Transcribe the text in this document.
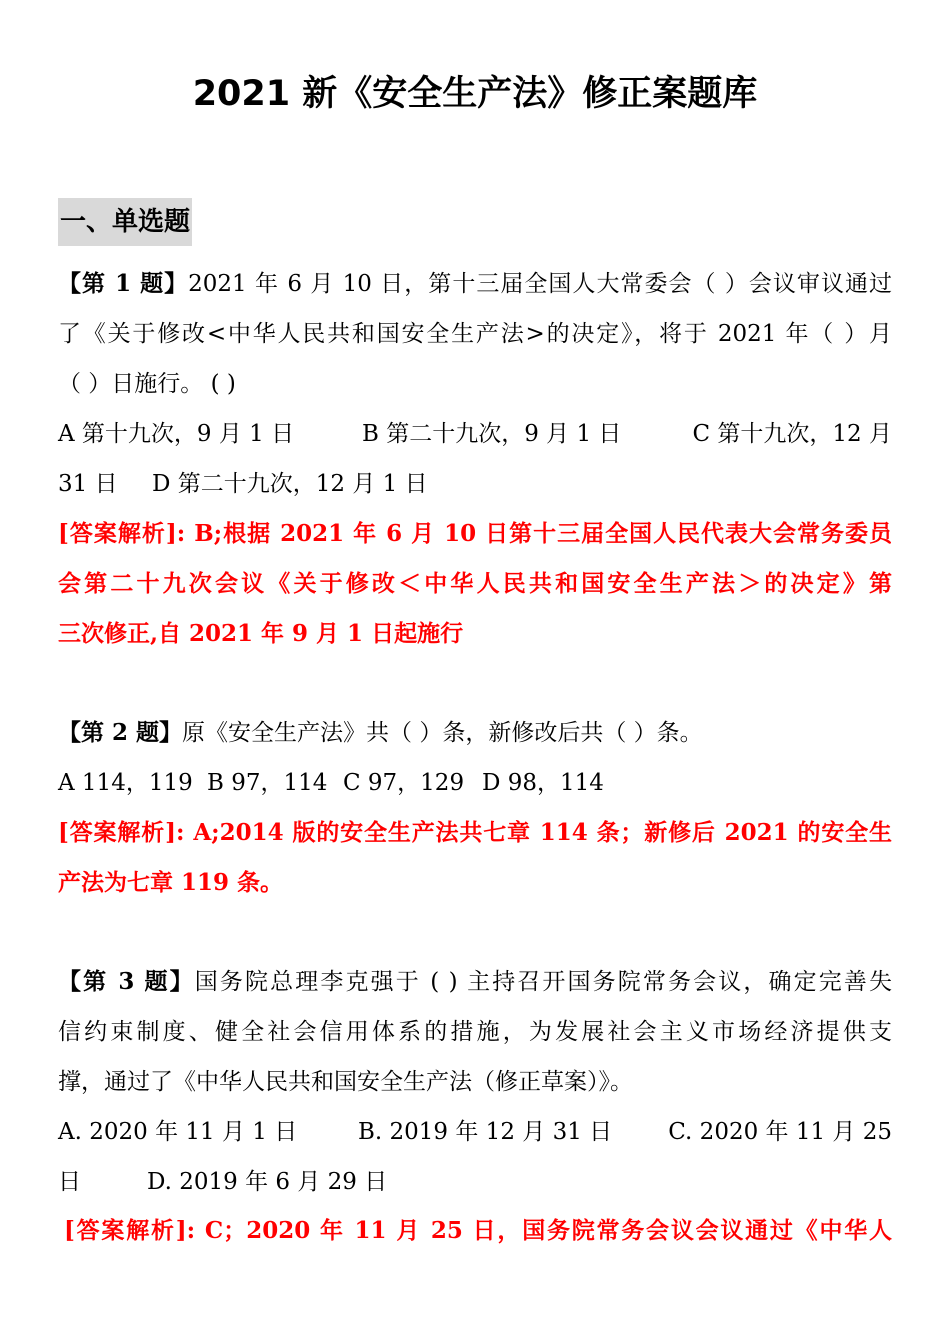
2021 新《安全生产法》修正案题库
一、单选题
【第 1 题】2021 年 6 月 10 日，第十三届全国人大常委会（ ）会议审议通过
了《关于修改<中华人民共和国安全生产法>的决定》，将于 2021 年（ ）月
（ ）日施行。 ( )
A 第十九次，9 月 1 日	B 第二十九次，9 月 1 日	C 第十九次，12 月
31 日 D 第二十九次，12 月 1 日
[答案解析]: B;根据 2021 年 6 月 10 日第十三届全国人民代表大会常务委员
会第二十九次会议《关于修改＜中华人民共和国安全生产法＞的决定》第
三次修正,自 2021 年 9 月 1 日起施行
【第 2 题】原《安全生产法》共（ ）条，新修改后共（ ）条。
A 114，119 B 97，114 C 97，129 D 98，114
[答案解析]: A;2014 版的安全生产法共七章 114 条；新修后 2021 的安全生
产法为七章 119 条。
【第 3 题】国务院总理李克强于 ( ) 主持召开国务院常务会议，确定完善失
信约束制度、健全社会信用体系的措施，为发展社会主义市场经济提供支
撑，通过了《中华人民共和国安全生产法（修正草案）》。
A. 2020 年 11 月 1 日	B. 2019 年 12 月 31 日 C. 2020 年 11 月 25
日	D. 2019 年 6 月 29 日
[答案解析]: C；2020 年 11 月 25 日，国务院常务会议会议通过《中华人
